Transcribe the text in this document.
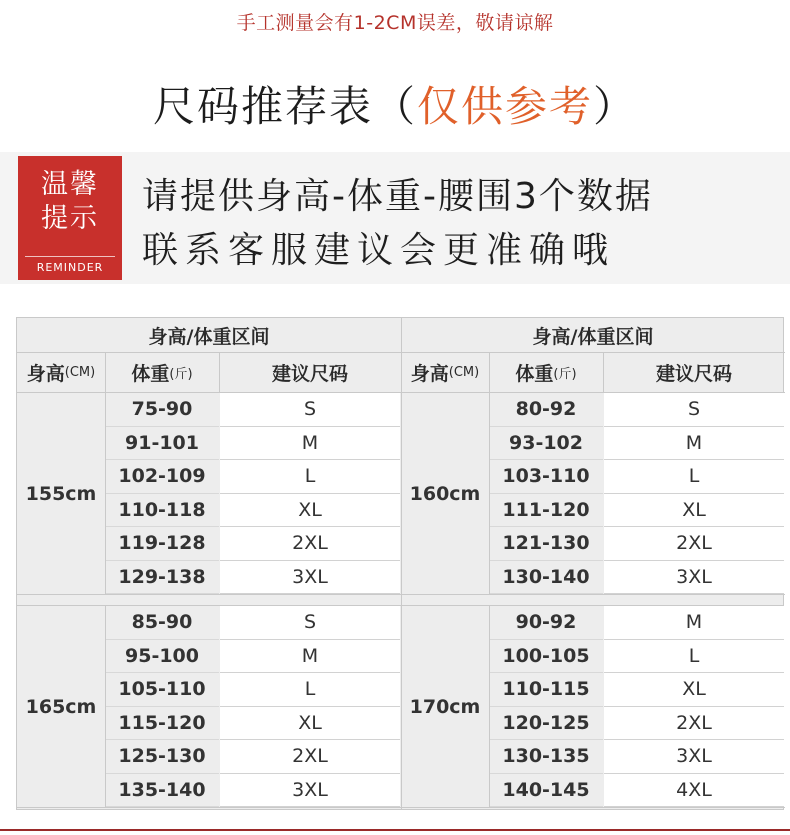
手工测量会有1-2CM误差，敬请谅解
尺码推荐表（仅供参考）
温馨
提示
REMINDER
请提供身高-体重-腰围3个数据
联系客服建议会更准确哦
身高/体重区间
身高 (CM) 体重 (斤)	建议尺码
身高/体重区间
身高 (CM) 体重 (斤)	建议尺码
155cm
75-90	S
91-101	M
102-109	L
110-118	XL
119-128	2XL
129-138	3XL
160cm
80-92	S
93-102	M
103-110	L
111-120	XL
121-130	2XL
130-140	3XL
165cm
85-90	S
95-100	M
105-110	L
115-120	XL
125-130	2XL
135-140	3XL
170cm
90-92	M
100-105	L
110-115	XL
120-125	2XL
130-135	3XL
140-145	4XL
